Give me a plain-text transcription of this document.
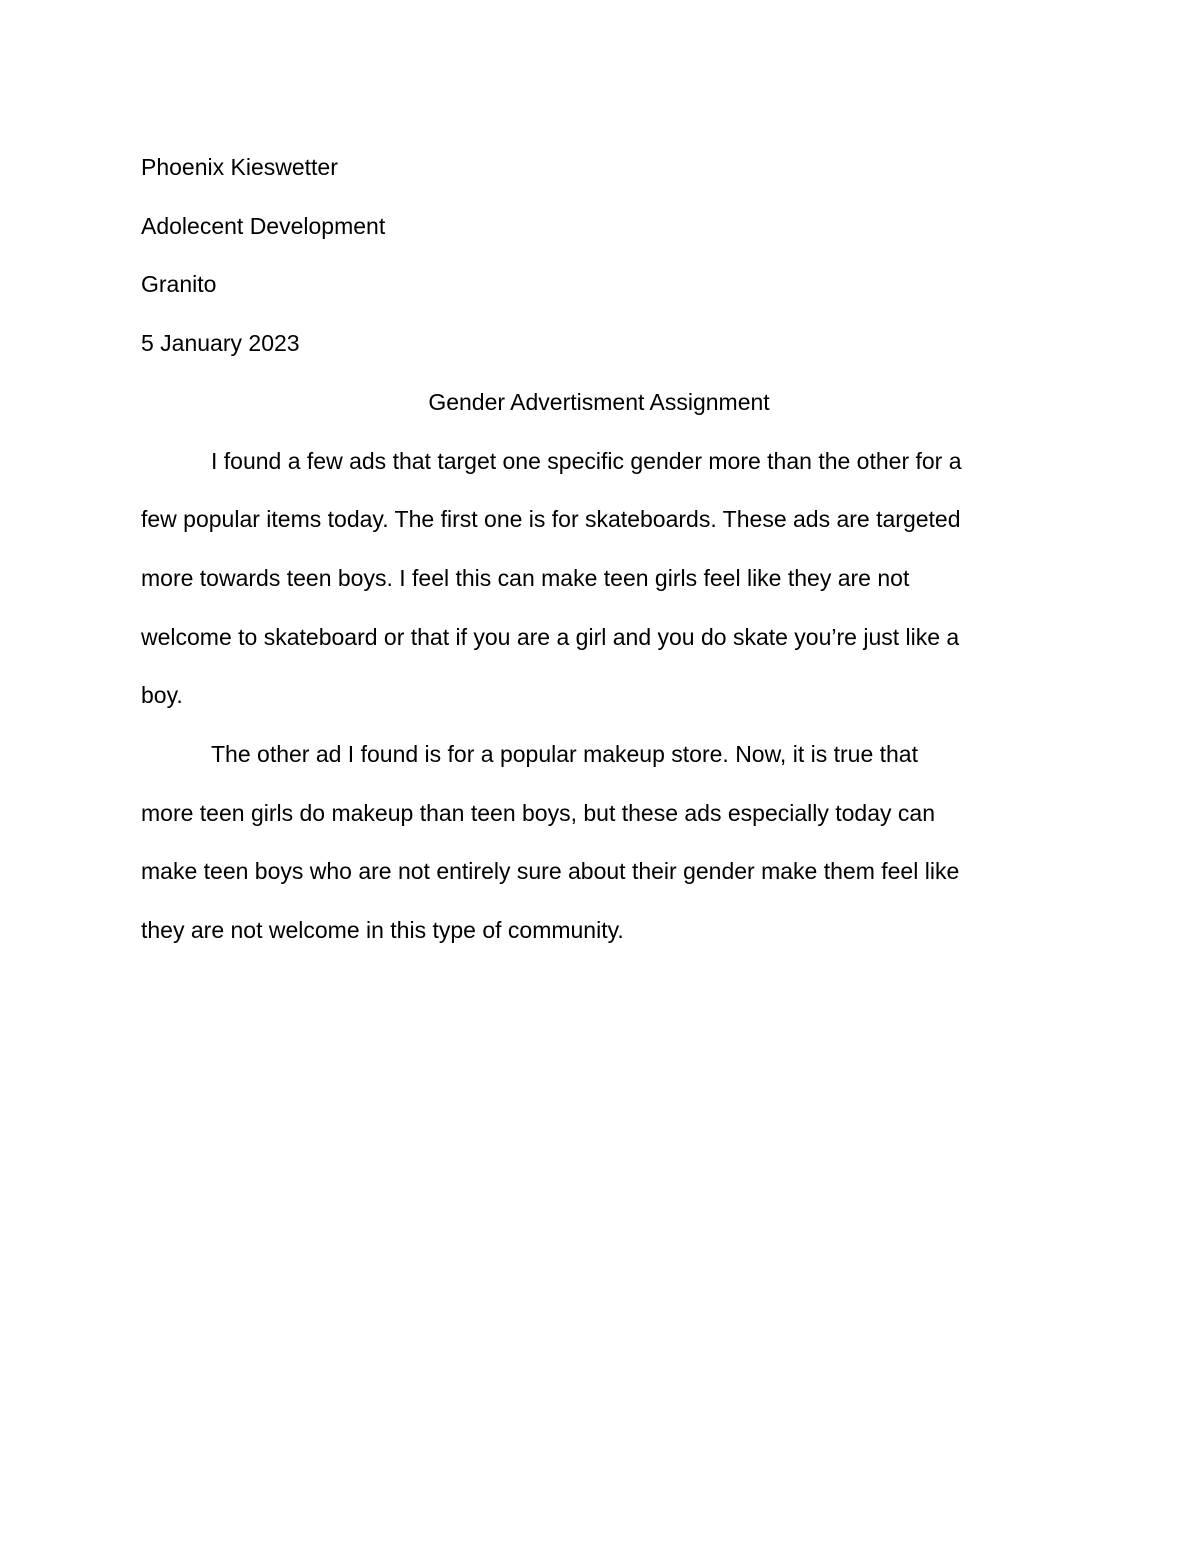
Phoenix Kieswetter

Adolecent Development

Granito

5 January 2023

Gender Advertisment Assignment

I found a few ads that target one specific gender more than the other for a

few popular items today. The first one is for skateboards. These ads are targeted

more towards teen boys. I feel this can make teen girls feel like they are not

welcome to skateboard or that if you are a girl and you do skate you’re just like a

boy.

The other ad I found is for a popular makeup store. Now, it is true that

more teen girls do makeup than teen boys, but these ads especially today can

make teen boys who are not entirely sure about their gender make them feel like

they are not welcome in this type of community.
